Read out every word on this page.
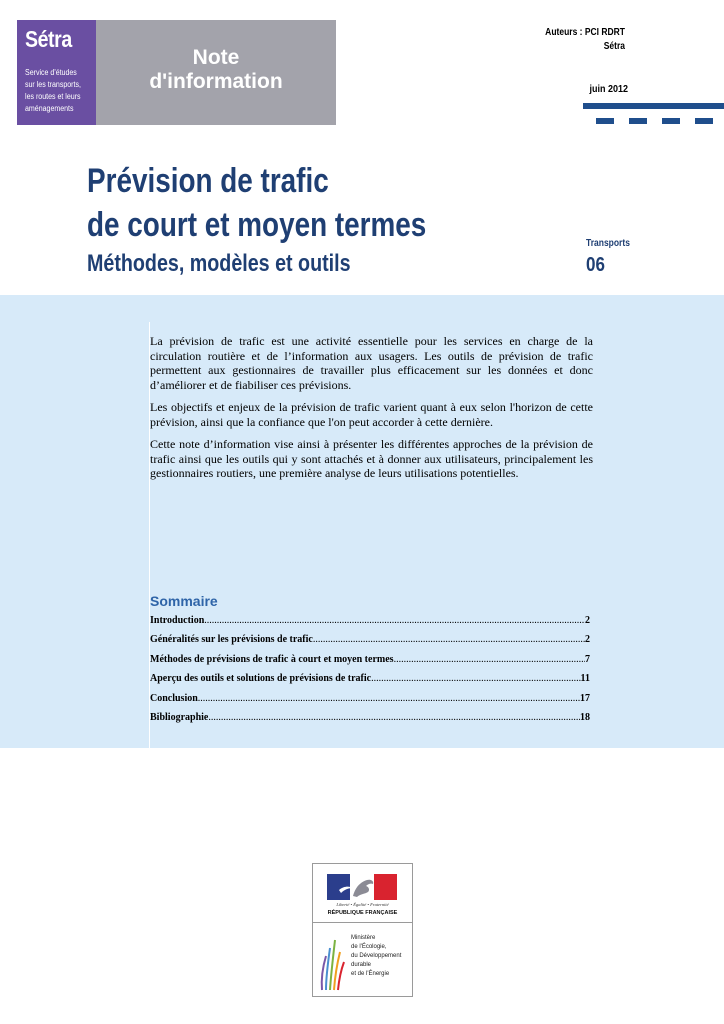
Sétra
Service d'études
sur les transports,
les routes et leurs
aménagements
Note
d'information
Auteurs : PCI RDRT
Sétra
juin 2012
Prévision de trafic
de court et moyen termes
Méthodes, modèles et outils
Transports
06

La prévision de trafic est une activité essentielle pour les services en charge de la circulation routière et de l’information aux usagers. Les outils de prévision de trafic permettent aux gestionnaires de travailler plus efficacement sur les données et donc d’améliorer et de fiabiliser ces prévisions.

Les objectifs et enjeux de la prévision de trafic varient quant à eux selon l'horizon de cette prévision, ainsi que la confiance que l'on peut accorder à cette dernière.

Cette note d’information vise ainsi à présenter les différentes approches de la prévision de trafic ainsi que les outils qui y sont attachés et à donner aux utilisateurs, principalement les gestionnaires routiers, une première analyse de leurs utilisations potentielles.

Sommaire
Introduction .....	2
Généralités sur les prévisions de trafic .....	2
Méthodes de prévisions de trafic à court et moyen termes .....	7
Aperçu des outils et solutions de prévisions de trafic .....	11
Conclusion .....	17
Bibliographie .....	18
Liberté • Égalité • Fraternité
RÉPUBLIQUE FRANÇAISE
Ministère
de l'Écologie,
du Développement
durable
et de l'Énergie
